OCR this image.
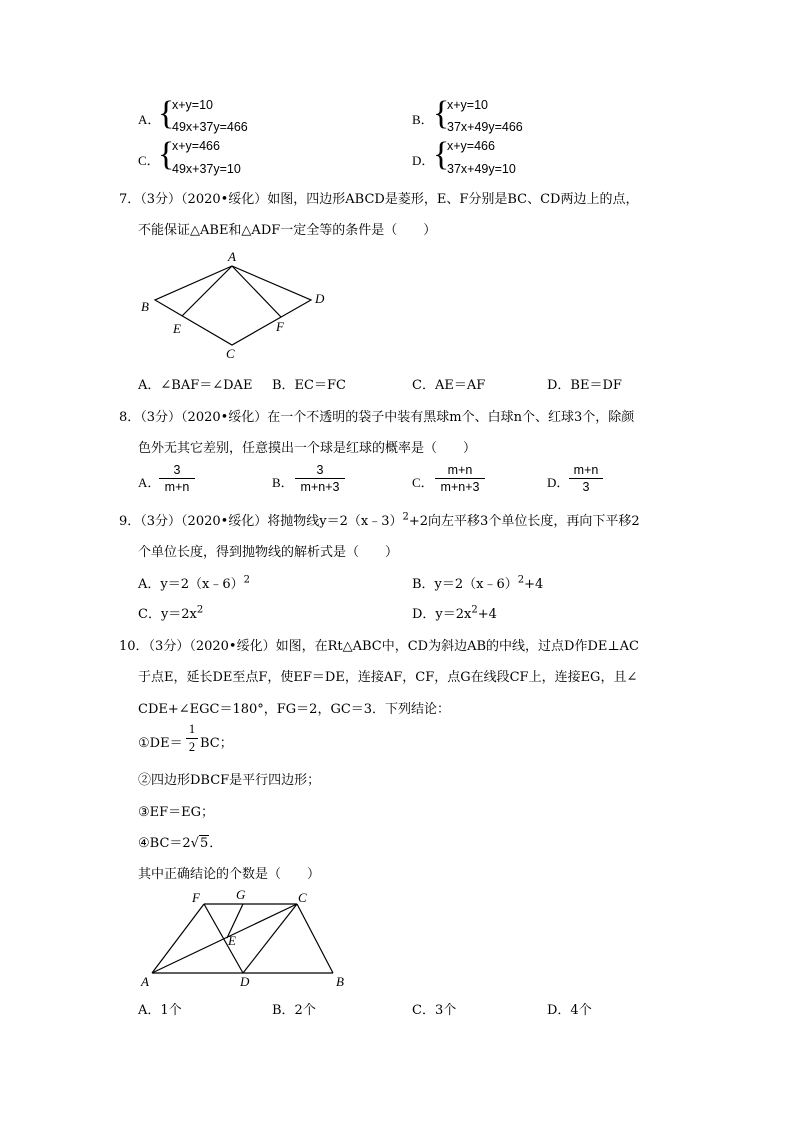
A．
{
x+y=10
49x+37y=466	B． {
x+y=10
37x+49y=466
C．
{
x+y=466
49x+37y=10
D．
{
x+y=466
37x+49y=10
7．（3分）（2020•绥化）如图，四边形ABCD是菱形，E、F分别是BC、CD两边上的点，
不能保证△ABE和△ADF一定全等的条件是（　　）
A
B
C
D
E	F
A．∠BAF＝∠DAE B．EC＝FC	C．AE＝AF	D．BE＝DF
8．（3分）（2020•绥化）在一个不透明的袋子中装有黑球m个、白球n个、红球3个，除颜
色外无其它差别，任意摸出一个球是红球的概率是（　　）
A．
3
m+n	B．
3
m+n+3	C．
m+n
m+n+3	D．
m+n
3
9．（3分）（2020•绥化）将抛物线y＝2（x﹣3）$^2$+2向左平移3个单位长度，再向下平移2
个单位长度，得到抛物线的解析式是（　　）
A．y＝2（x﹣6）$^2$	B．y＝2（x﹣6）$^2$+4
C．$y=2x^2$	D．$y=2x^2+4$
10．（3分）（2020•绥化）如图，在Rt△ABC中，CD为斜边AB的中线，过点D作DE⊥AC
于点E，延长DE至点F，使EF＝DE，连接AF，CF，点G在线段CF上，连接EG，且∠
CDE+∠EGC＝180°，FG＝2，GC＝3．下列结论：
①DE＝
1
2 BC；
②四边形DBCF是平行四边形；
③EF＝EG；
④BC＝2√5．
其中正确结论的个数是（　　）
A	B
C
D
E
F	G
A．1个	B．2个	C．3个	D．4个
